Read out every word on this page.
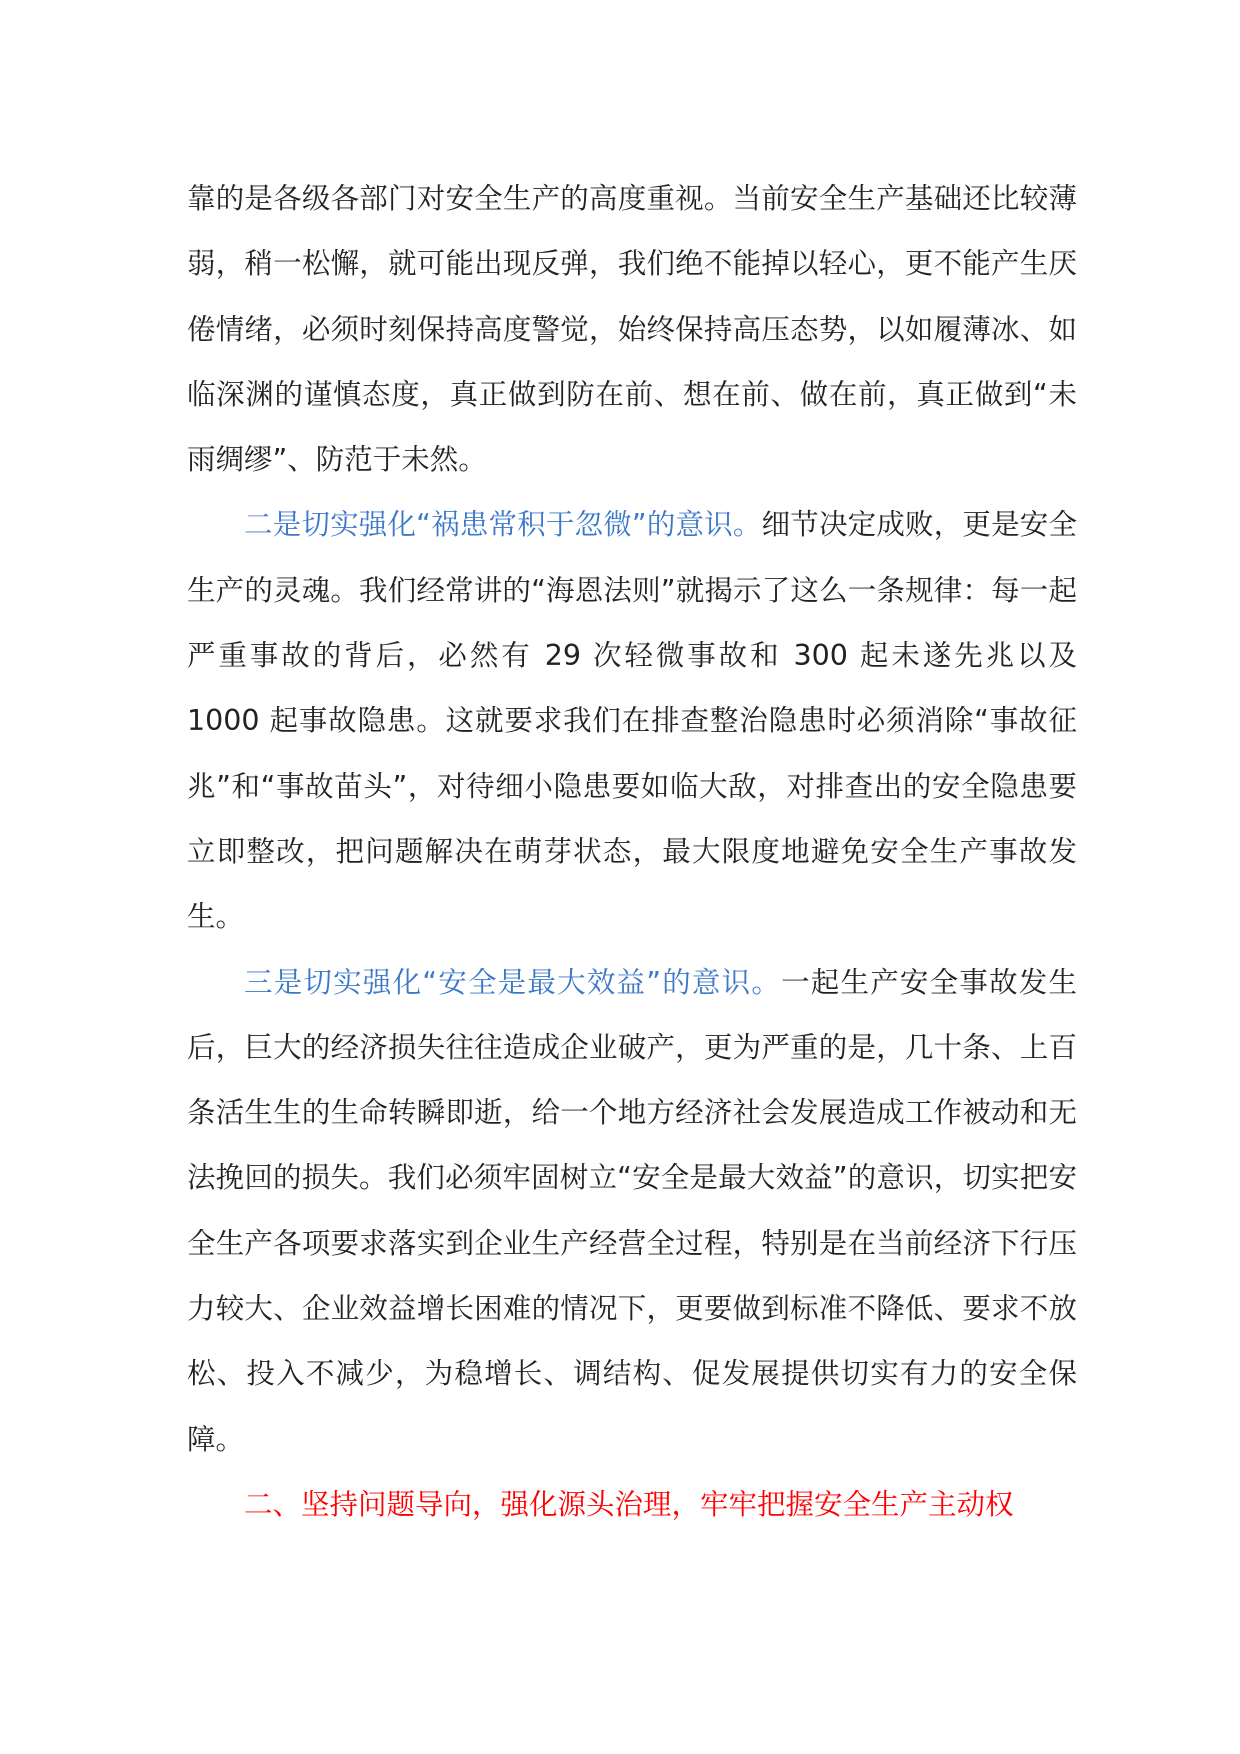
靠的是各级各部门对安全生产的高度重视。当前安全生产基础还比较薄弱，稍一松懈，就可能出现反弹，我们绝不能掉以轻心，更不能产生厌倦情绪，必须时刻保持高度警觉，始终保持高压态势，以如履薄冰、如临深渊的谨慎态度，真正做到防在前、想在前、做在前，真正做到“未雨绸缪”、防范于未然。

二是切实强化“祸患常积于忽微”的意识。细节决定成败，更是安全生产的灵魂。我们经常讲的“海恩法则”就揭示了这么一条规律：每一起严重事故的背后，必然有 29 次轻微事故和 300 起未遂先兆以及 1000 起事故隐患。这就要求我们在排查整治隐患时必须消除“事故征兆”和“事故苗头”，对待细小隐患要如临大敌，对排查出的安全隐患要立即整改，把问题解决在萌芽状态，最大限度地避免安全生产事故发生。

三是切实强化“安全是最大效益”的意识。一起生产安全事故发生后，巨大的经济损失往往造成企业破产，更为严重的是，几十条、上百条活生生的生命转瞬即逝，给一个地方经济社会发展造成工作被动和无法挽回的损失。我们必须牢固树立“安全是最大效益”的意识，切实把安全生产各项要求落实到企业生产经营全过程，特别是在当前经济下行压力较大、企业效益增长困难的情况下，更要做到标准不降低、要求不放松、投入不减少，为稳增长、调结构、促发展提供切实有力的安全保障。

二、坚持问题导向，强化源头治理，牢牢把握安全生产主动权
